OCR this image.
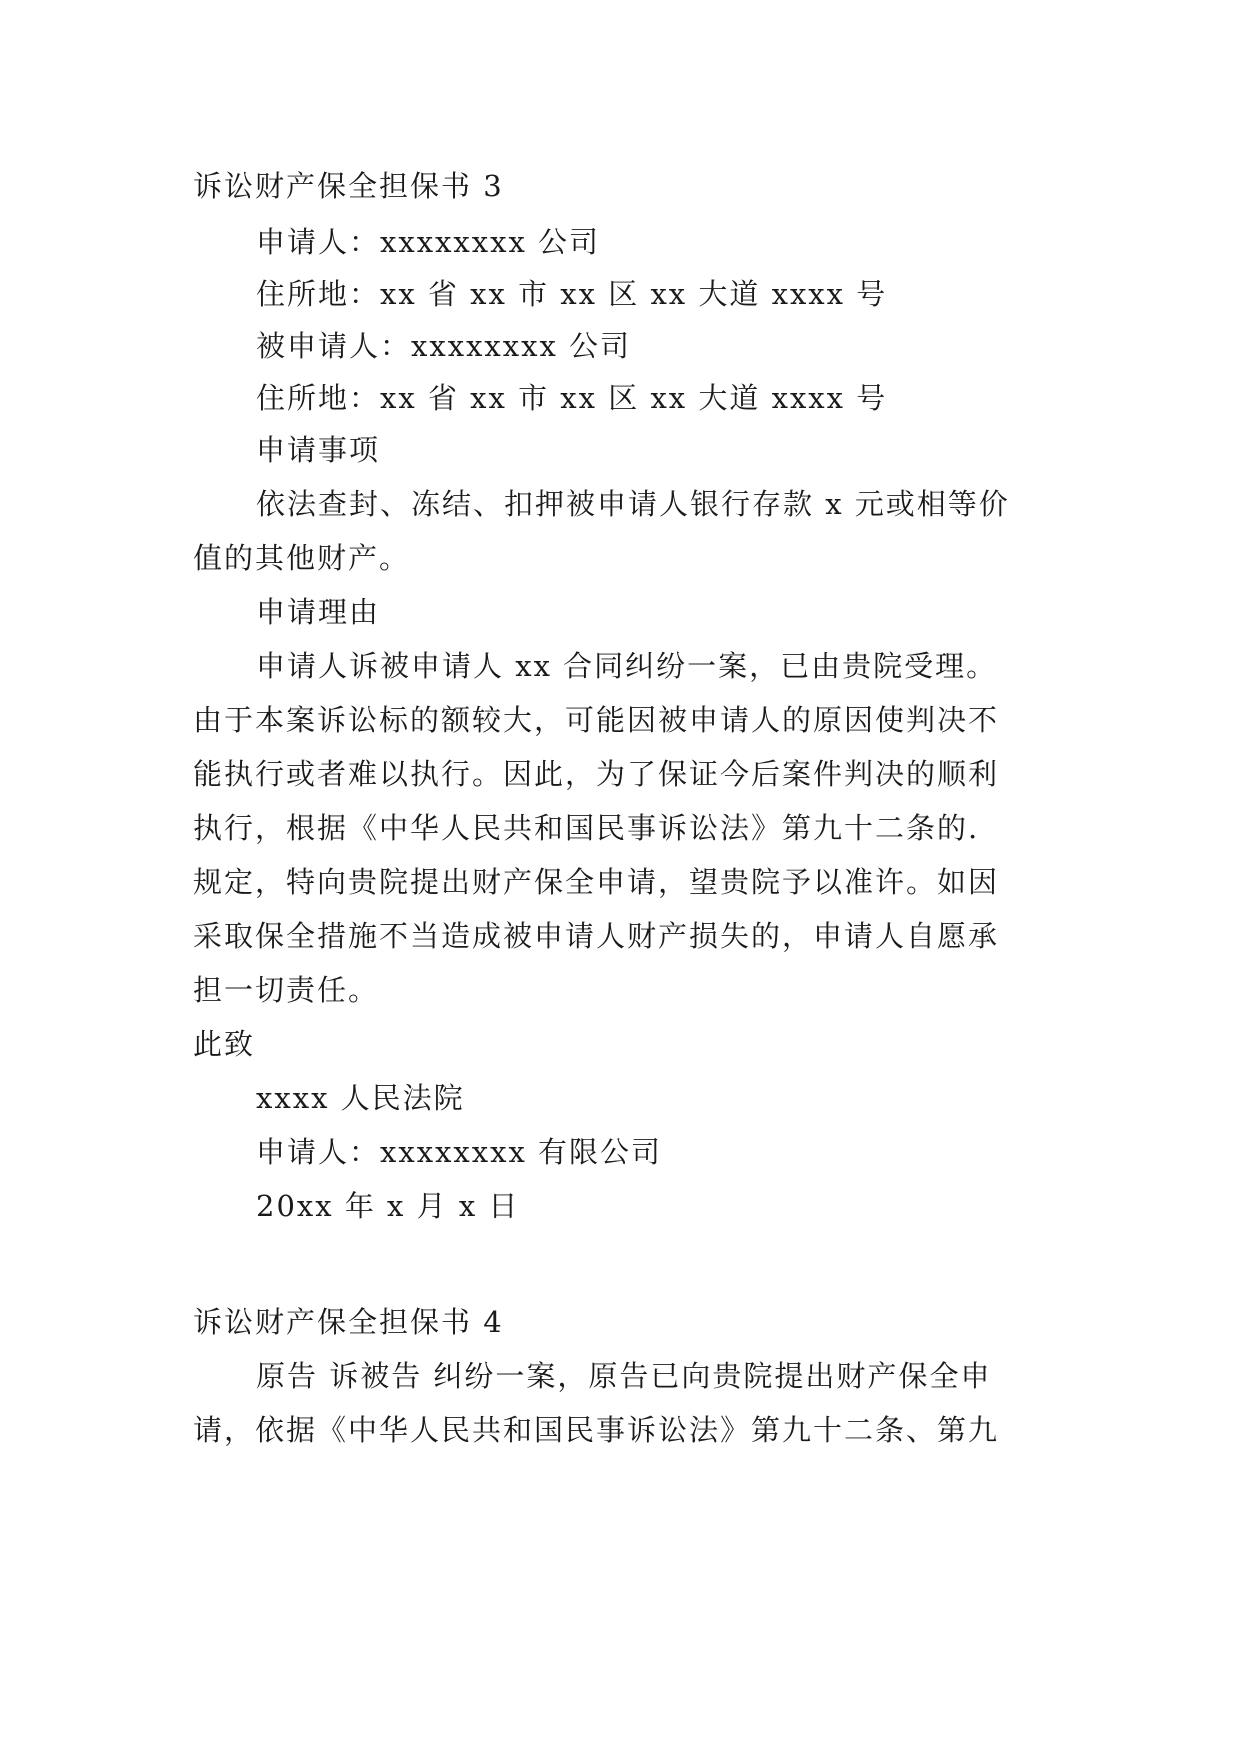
诉讼财产保全担保书 3
申请人：xxxxxxxx 公司
住所地：xx 省 xx 市 xx 区 xx 大道 xxxx 号
被申请人：xxxxxxxx 公司
住所地：xx 省 xx 市 xx 区 xx 大道 xxxx 号
申请事项
依法查封、冻结、扣押被申请人银行存款 x 元或相等价
值的其他财产。
申请理由
申请人诉被申请人 xx 合同纠纷一案，已由贵院受理。
由于本案诉讼标的额较大，可能因被申请人的原因使判决不
能执行或者难以执行。因此，为了保证今后案件判决的顺利
执行，根据《中华人民共和国民事诉讼法》第九十二条的.
规定，特向贵院提出财产保全申请，望贵院予以准许。如因
采取保全措施不当造成被申请人财产损失的，申请人自愿承
担一切责任。
此致
xxxx 人民法院
申请人：xxxxxxxx 有限公司
20xx 年 x 月 x 日
诉讼财产保全担保书 4
原告 诉被告 纠纷一案，原告已向贵院提出财产保全申
请，依据《中华人民共和国民事诉讼法》第九十二条、第九
